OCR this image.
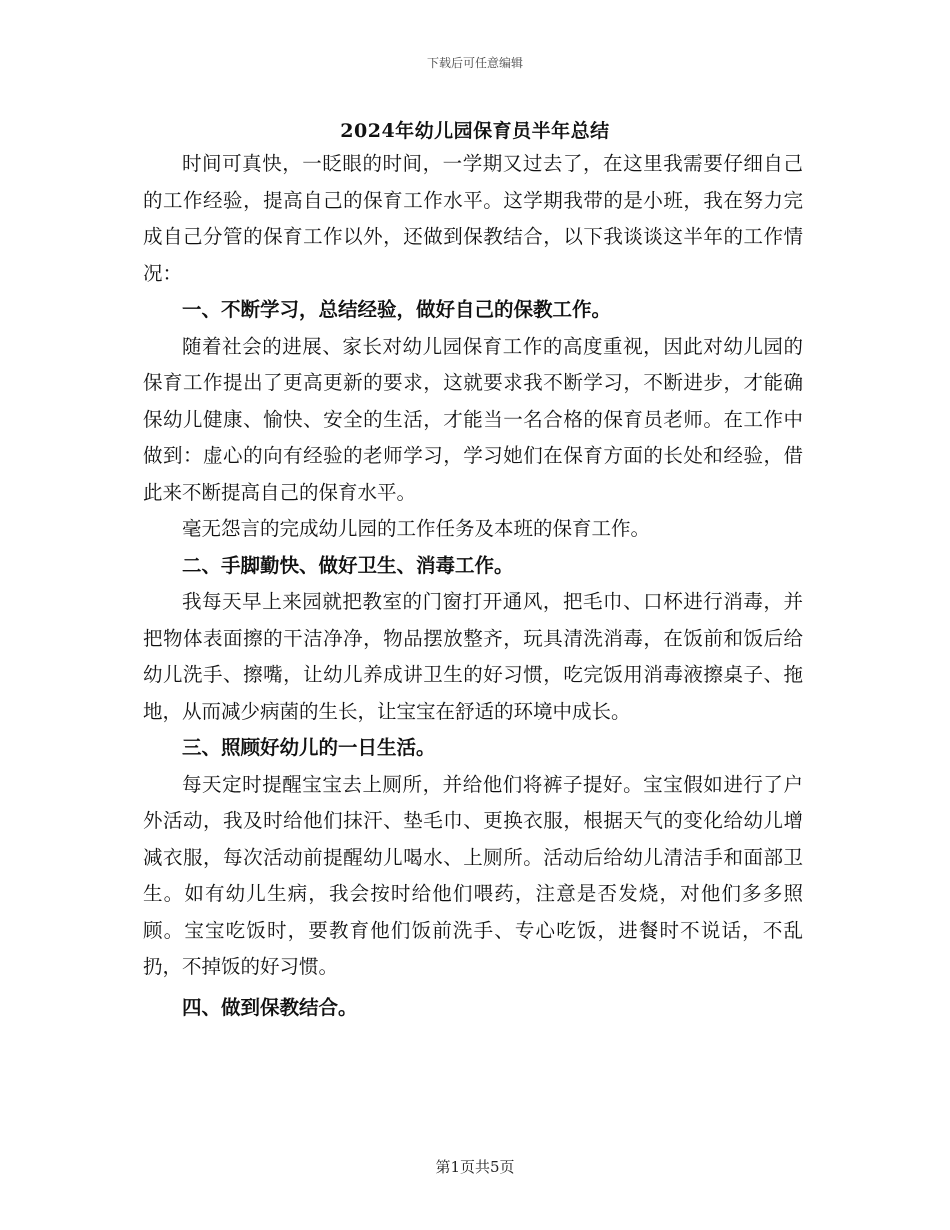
下载后可任意编辑
2024年幼儿园保育员半年总结

时间可真快，一眨眼的时间，一学期又过去了，在这里我需要仔细自己的工作经验，提高自己的保育工作水平。这学期我带的是小班，我在努力完成自己分管的保育工作以外，还做到保教结合，以下我谈谈这半年的工作情况：

一、不断学习，总结经验，做好自己的保教工作。

随着社会的进展、家长对幼儿园保育工作的高度重视，因此对幼儿园的保育工作提出了更高更新的要求，这就要求我不断学习，不断进步，才能确保幼儿健康、愉快、安全的生活，才能当一名合格的保育员老师。在工作中做到：虚心的向有经验的老师学习，学习她们在保育方面的长处和经验，借此来不断提高自己的保育水平。

毫无怨言的完成幼儿园的工作任务及本班的保育工作。

二、手脚勤快、做好卫生、消毒工作。

我每天早上来园就把教室的门窗打开通风，把毛巾、口杯进行消毒，并把物体表面擦的干洁净净，物品摆放整齐，玩具清洗消毒，在饭前和饭后给幼儿洗手、擦嘴，让幼儿养成讲卫生的好习惯，吃完饭用消毒液擦桌子、拖地，从而减少病菌的生长，让宝宝在舒适的环境中成长。

三、照顾好幼儿的一日生活。

每天定时提醒宝宝去上厕所，并给他们将裤子提好。宝宝假如进行了户外活动，我及时给他们抹汗、垫毛巾、更换衣服，根据天气的变化给幼儿增减衣服，每次活动前提醒幼儿喝水、上厕所。活动后给幼儿清洁手和面部卫生。如有幼儿生病，我会按时给他们喂药，注意是否发烧，对他们多多照顾。宝宝吃饭时，要教育他们饭前洗手、专心吃饭，进餐时不说话，不乱扔，不掉饭的好习惯。

四、做到保教结合。

第1页共5页
